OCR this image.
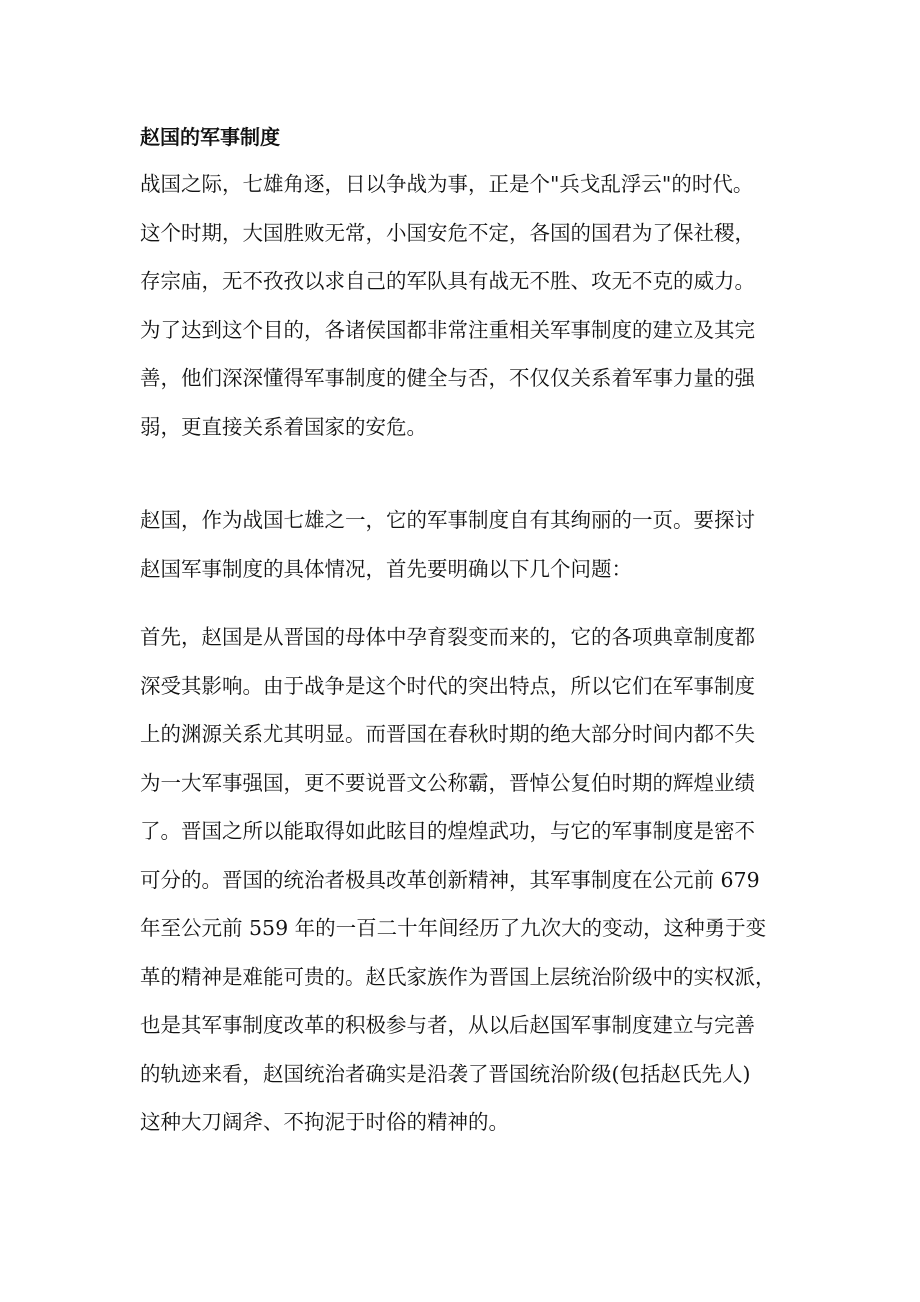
赵国的军事制度
战国之际，七雄角逐，日以争战为事，正是个"兵戈乱浮云"的时代。
这个时期，大国胜败无常，小国安危不定，各国的国君为了保社稷，
存宗庙，无不孜孜以求自己的军队具有战无不胜、攻无不克的威力。
为了达到这个目的，各诸侯国都非常注重相关军事制度的建立及其完
善，他们深深懂得军事制度的健全与否，不仅仅关系着军事力量的强
弱，更直接关系着国家的安危。
赵国，作为战国七雄之一，它的军事制度自有其绚丽的一页。要探讨
赵国军事制度的具体情况，首先要明确以下几个问题：
首先，赵国是从晋国的母体中孕育裂变而来的，它的各项典章制度都
深受其影响。由于战争是这个时代的突出特点，所以它们在军事制度
上的渊源关系尤其明显。而晋国在春秋时期的绝大部分时间内都不失
为一大军事强国，更不要说晋文公称霸，晋悼公复伯时期的辉煌业绩
了。晋国之所以能取得如此眩目的煌煌武功，与它的军事制度是密不
可分的。晋国的统治者极具改革创新精神，其军事制度在公元前 679
年至公元前 559 年的一百二十年间经历了九次大的变动，这种勇于变
革的精神是难能可贵的。赵氏家族作为晋国上层统治阶级中的实权派，
也是其军事制度改革的积极参与者，从以后赵国军事制度建立与完善
的轨迹来看，赵国统治者确实是沿袭了晋国统治阶级(包括赵氏先人)
这种大刀阔斧、不拘泥于时俗的精神的。
